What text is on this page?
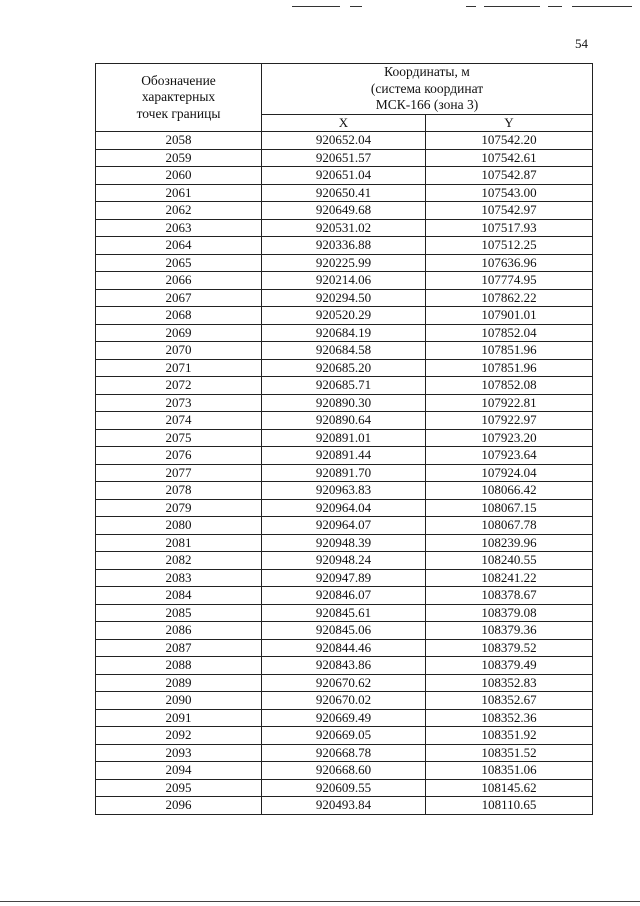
54
Обозначение
характерных
точек границы	Координаты, м
(система координат
МСК-166 (зона 3)	

	X	Y
2058	920652.04	107542.20
2059	920651.57	107542.61
2060	920651.04	107542.87
2061	920650.41	107543.00
2062	920649.68	107542.97
2063	920531.02	107517.93
2064	920336.88	107512.25
2065	920225.99	107636.96
2066	920214.06	107774.95
2067	920294.50	107862.22
2068	920520.29	107901.01
2069	920684.19	107852.04
2070	920684.58	107851.96
2071	920685.20	107851.96
2072	920685.71	107852.08
2073	920890.30	107922.81
2074	920890.64	107922.97
2075	920891.01	107923.20
2076	920891.44	107923.64
2077	920891.70	107924.04
2078	920963.83	108066.42
2079	920964.04	108067.15
2080	920964.07	108067.78
2081	920948.39	108239.96
2082	920948.24	108240.55
2083	920947.89	108241.22
2084	920846.07	108378.67
2085	920845.61	108379.08
2086	920845.06	108379.36
2087	920844.46	108379.52
2088	920843.86	108379.49
2089	920670.62	108352.83
2090	920670.02	108352.67
2091	920669.49	108352.36
2092	920669.05	108351.92
2093	920668.78	108351.52
2094	920668.60	108351.06
2095	920609.55	108145.62
2096	920493.84	108110.65
